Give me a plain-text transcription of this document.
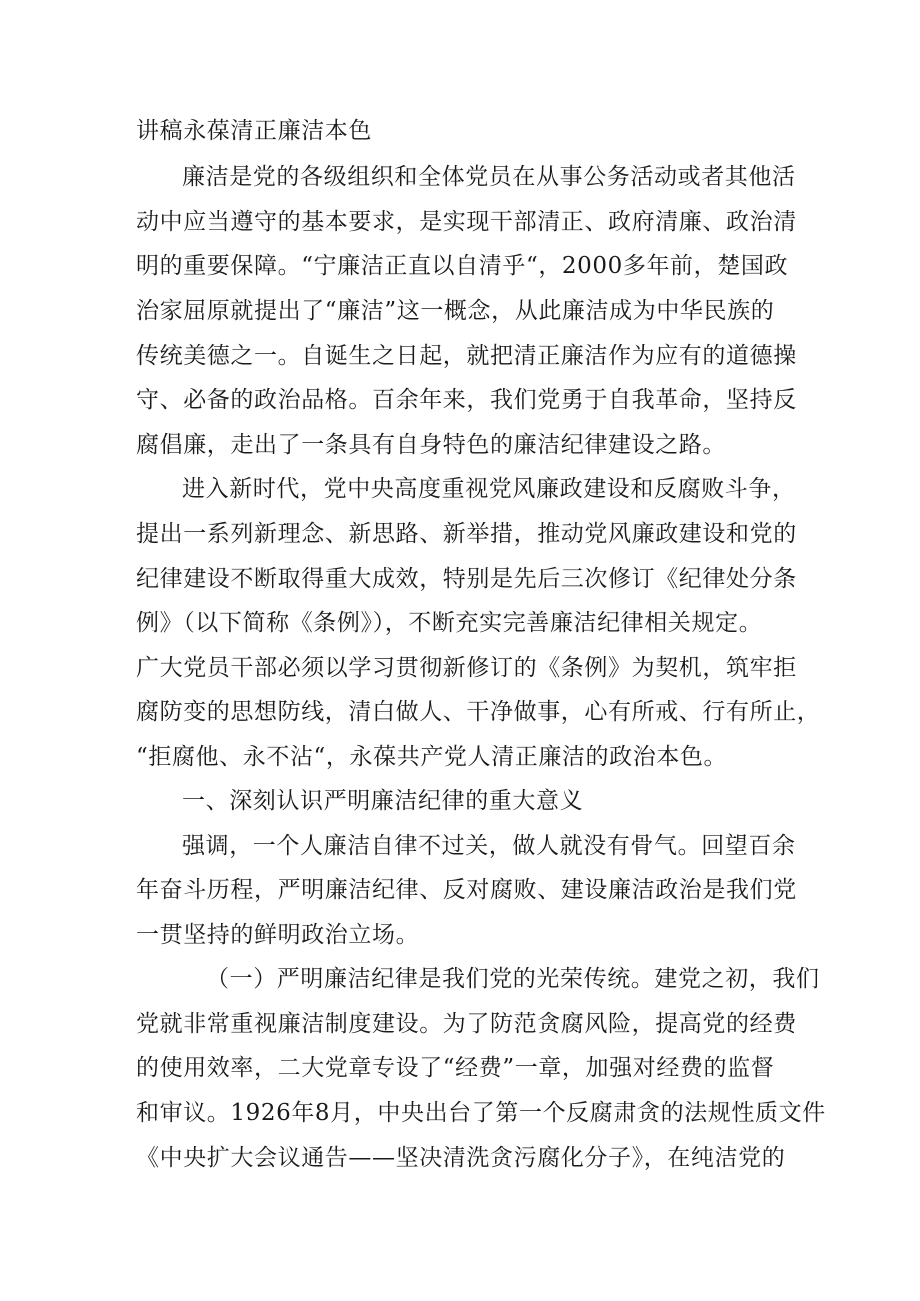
讲稿永葆清正廉洁本色
廉洁是党的各级组织和全体党员在从事公务活动或者其他活
动中应当遵守的基本要求，是实现干部清正、政府清廉、政治清
明的重要保障。“宁廉洁正直以自清乎“，2000多年前，楚国政
治家屈原就提出了“廉洁”这一概念，从此廉洁成为中华民族的
传统美德之一。自诞生之日起，就把清正廉洁作为应有的道德操
守、必备的政治品格。百余年来，我们党勇于自我革命，坚持反
腐倡廉，走出了一条具有自身特色的廉洁纪律建设之路。
进入新时代，党中央高度重视党风廉政建设和反腐败斗争，
提出一系列新理念、新思路、新举措，推动党风廉政建设和党的
纪律建设不断取得重大成效，特别是先后三次修订《纪律处分条
例》（以下简称《条例》），不断充实完善廉洁纪律相关规定。
广大党员干部必须以学习贯彻新修订的《条例》为契机，筑牢拒
腐防变的思想防线，清白做人、干净做事，心有所戒、行有所止，
“拒腐他、永不沾“，永葆共产党人清正廉洁的政治本色。
一、深刻认识严明廉洁纪律的重大意义
强调，一个人廉洁自律不过关，做人就没有骨气。回望百余
年奋斗历程，严明廉洁纪律、反对腐败、建设廉洁政治是我们党
一贯坚持的鲜明政治立场。
（一）严明廉洁纪律是我们党的光荣传统。建党之初，我们
党就非常重视廉洁制度建设。为了防范贪腐风险，提高党的经费
的使用效率，二大党章专设了“经费”一章，加强对经费的监督
和审议。1926年8月，中央出台了第一个反腐肃贪的法规性质文件
《中央扩大会议通告——坚决清洗贪污腐化分子》，在纯洁党的
